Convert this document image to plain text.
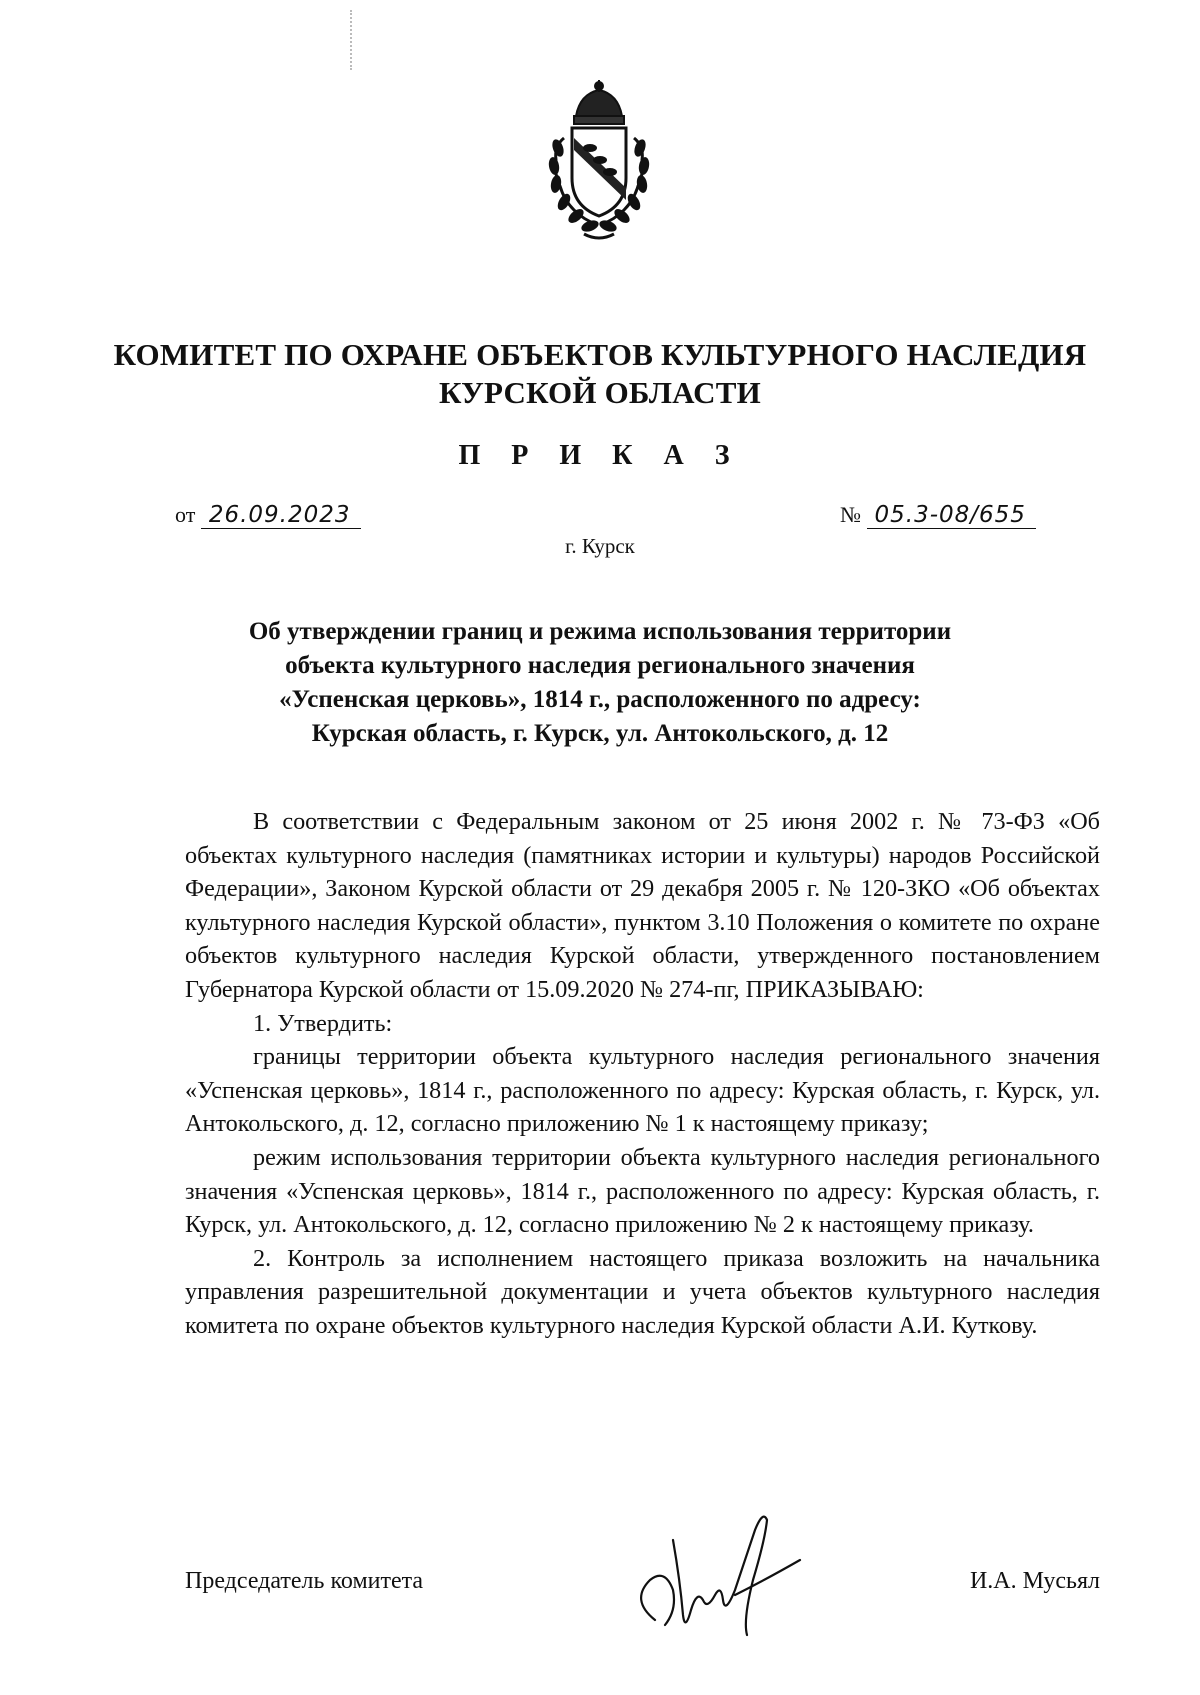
КОМИТЕТ ПО ОХРАНЕ ОБЪЕКТОВ КУЛЬТУРНОГО НАСЛЕДИЯ
КУРСКОЙ ОБЛАСТИ
П Р И К А З
от 26.09.2023	№ 05.3-08/655
г. Курск
Об утверждении границ и режима использования территории
объекта культурного наследия регионального значения
«Успенская церковь», 1814 г., расположенного по адресу:
Курская область, г. Курск, ул. Антокольского, д. 12

В соответствии с Федеральным законом от 25 июня 2002 г. № 73-ФЗ «Об объектах культурного наследия (памятниках истории и культуры) народов Российской Федерации», Законом Курской области от 29 декабря 2005 г. № 120-ЗКО «Об объектах культурного наследия Курской области», пунктом 3.10 Положения о комитете по охране объектов культурного наследия Курской области, утвержденного постановлением Губернатора Курской области от 15.09.2020 № 274-пг, ПРИКАЗЫВАЮ:

1. Утвердить:

границы территории объекта культурного наследия регионального значения «Успенская церковь», 1814 г., расположенного по адресу: Курская область, г. Курск, ул. Антокольского, д. 12, согласно приложению № 1 к настоящему приказу;

режим использования территории объекта культурного наследия регионального значения «Успенская церковь», 1814 г., расположенного по адресу: Курская область, г. Курск, ул. Антокольского, д. 12, согласно приложению № 2 к настоящему приказу.

2. Контроль за исполнением настоящего приказа возложить на начальника управления разрешительной документации и учета объектов культурного наследия комитета по охране объектов культурного наследия Курской области А.И. Куткову.

Председатель комитета	И.А. Мусьял
